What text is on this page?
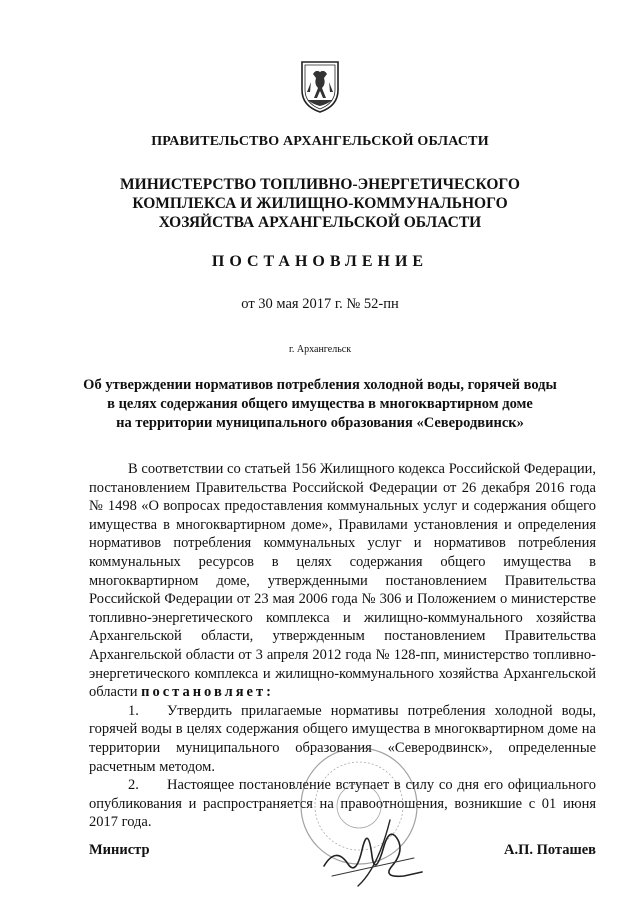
ПРАВИТЕЛЬСТВО АРХАНГЕЛЬСКОЙ ОБЛАСТИ
МИНИСТЕРСТВО ТОПЛИВНО-ЭНЕРГЕТИЧЕСКОГО
КОМПЛЕКСА И ЖИЛИЩНО-КОММУНАЛЬНОГО
ХОЗЯЙСТВА АРХАНГЕЛЬСКОЙ ОБЛАСТИ
ПОСТАНОВЛЕНИЕ
от 30 мая 2017 г. № 52-пн
г. Архангельск
Об утверждении нормативов потребления холодной воды, горячей воды
в целях содержания общего имущества в многоквартирном доме
на территории муниципального образования «Северодвинск»

В соответствии со статьей 156 Жилищного кодекса Российской Федерации, постановлением Правительства Российской Федерации от 26 декабря 2016 года № 1498 «О вопросах предоставления коммунальных услуг и содержания общего имущества в многоквартирном доме», Правилами установления и определения нормативов потребления коммунальных услуг и нормативов потребления коммунальных ресурсов в целях содержания общего имущества в многоквартирном доме, утвержденными постановлением Правительства Российской Федерации от 23 мая 2006 года № 306 и Положением о министерстве топливно-энергетического комплекса и жилищно-коммунального хозяйства Архангельской области, утвержденным постановлением Правительства Архангельской области от 3 апреля 2012 года № 128-пп, министерство топливно-энергетического комплекса и жилищно-коммунального хозяйства Архангельской области постановляет:

1. Утвердить прилагаемые нормативы потребления холодной воды, горячей воды в целях содержания общего имущества в многоквартирном доме на территории муниципального образования «Северодвинск», определенные расчетным методом.

2. Настоящее постановление вступает в силу со дня его официального опубликования и распространяется на правоотношения, возникшие с 01 июня 2017 года.

Министр	А.П. Поташев
